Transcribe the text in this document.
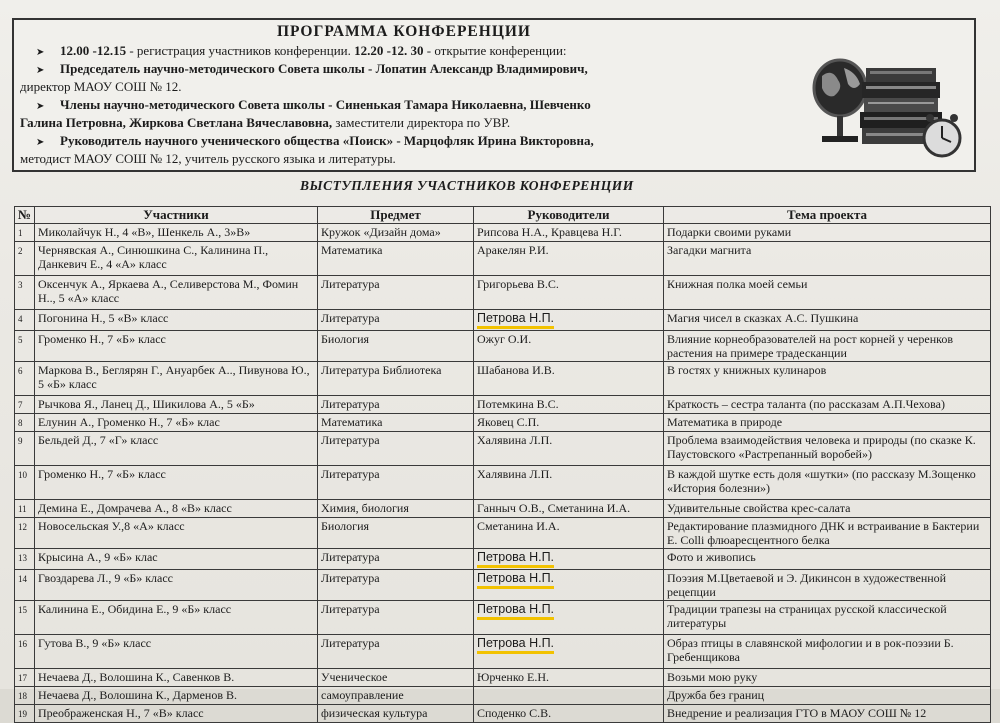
ПРОГРАММА КОНФЕРЕНЦИИ
➤ 12.00 -12.15 - регистрация участников конференции. 12.20 -12. 30 - открытие конференции:
➤ Председатель научно-методического Совета школы - Лопатин Александр Владимирович,
директор МАОУ СОШ № 12.
➤ Члены научно-методического Совета школы - Синенькая Тамара Николаевна, Шевченко
Галина Петровна, Жиркова Светлана Вячеславовна, заместители директора по УВР.
➤ Руководитель научного ученического общества «Поиск» - Марцофляк Ирина Викторовна,
методист МАОУ СОШ № 12, учитель русского языка и литературы.
ВЫСТУПЛЕНИЯ УЧАСТНИКОВ КОНФЕРЕНЦИИ
№	Участники	Предмет	Руководители	Тема проекта
1	Миколайчук Н., 4 «В», Шенкель А., 3»В»	Кружок «Дизайн дома»	Рипсова Н.А., Кравцева Н.Г.	Подарки своими руками
2	Чернявская А., Синюшкина С., Калинина П., Данкевич Е., 4 «А» класс	Математика	Аракелян Р.И.	Загадки магнита
3	Оксенчук А., Яркаева А., Селиверстова М., Фомин Н.., 5 «А» класс	Литература	Григорьева В.С.	Книжная полка моей семьи
4	Погонина Н., 5 «В» класс	Литература	Петрова Н.П.	Магия чисел в сказках А.С. Пушкина
5	Громенко Н., 7 «Б» класс	Биология	Ожуг О.И.	Влияние корнеобразователей на рост корней у черенков растения на примере традесканции
6	Маркова В., Беглярян Г., Ануарбек А.., Пивунова Ю., 5 «Б» класс	Литература Библиотека	Шабанова И.В.	В гостях у книжных кулинаров
7	Рычкова Я., Ланец Д., Шикилова А., 5 «Б»	Литература	Потемкина В.С.	Краткость – сестра таланта (по рассказам А.П.Чехова)
8	Елунин А., Громенко Н., 7 «Б» клас	Математика	Яковец С.П.	Математика в природе
9	Бельдей Д., 7 «Г» класс	Литература	Халявина Л.П.	Проблема взаимодействия человека и природы (по сказке К. Паустовского «Растрепанный воробей»)
10	Громенко Н., 7 «Б» класс	Литература	Халявина Л.П.	В каждой шутке есть доля «шутки» (по рассказу М.Зощенко «История болезни»)
11	Демина Е., Домрачева А., 8 «В» класс	Химия, биология	Ганныч О.В., Сметанина И.А.	Удивительные свойства крес-салата
12	Новосельская У.,8 «А» класс	Биология	Сметанина И.А.	Редактирование плазмидного ДНК и встраивание в Бактерии Е. Colli флюаресцентного белка
13	Крысина А., 9 «Б» клас	Литература	Петрова Н.П.	Фото и живопись
14	Гвоздарева Л., 9 «Б» класс	Литература	Петрова Н.П.	Поэзия М.Цветаевой и Э. Дикинсон в художественной рецепции
15	Калинина Е., Обидина Е., 9 «Б» класс	Литература	Петрова Н.П.	Традиции трапезы на страницах русской классической литературы
16	Гутова В., 9 «Б» класс	Литература	Петрова Н.П.	Образ птицы в славянской мифологии и в рок-поэзии Б. Гребенщикова
17	Нечаева Д., Волошина К., Савенков В.	Ученическое	Юрченко Е.Н.	Возьми мою руку
18	Нечаева Д., Волошина К., Дарменов В.	самоуправление		Дружба без границ
19	Преображенская Н., 7 «В» класс	физическая культура	Споденко С.В.	Внедрение и реализация ГТО в МАОУ СОШ № 12
